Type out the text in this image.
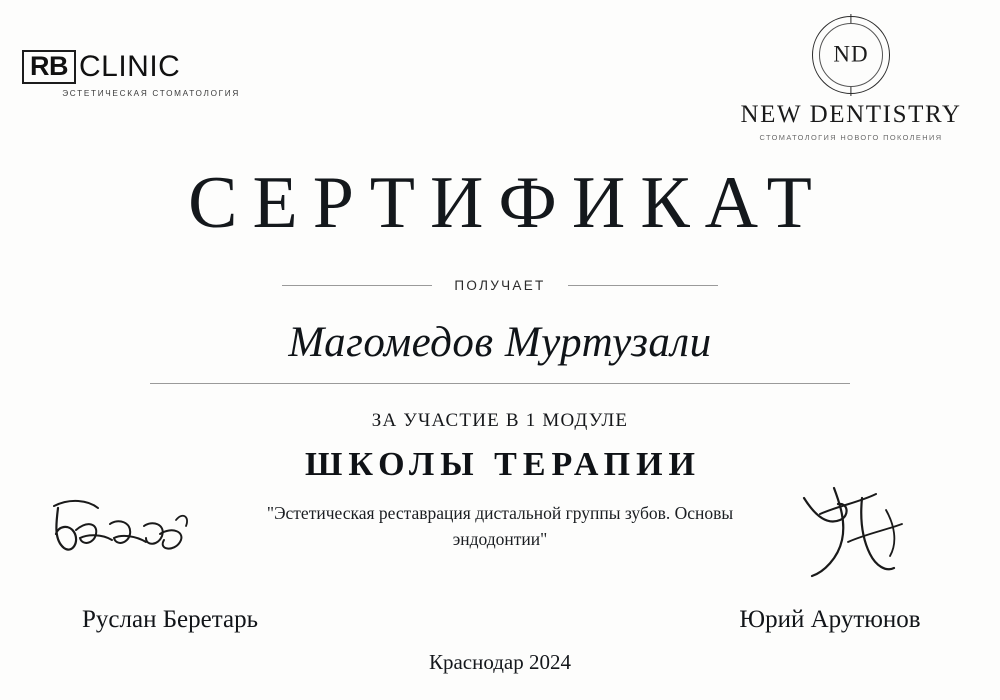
RB CLINIC
ЭСТЕТИЧЕСКАЯ СТОМАТОЛОГИЯ
ND
NEW DENTISTRY
СТОМАТОЛОГИЯ НОВОГО ПОКОЛЕНИЯ
СЕРТИФИКАТ
ПОЛУЧАЕТ
Магомедов Муртузали
ЗА УЧАСТИЕ В 1 МОДУЛЕ
ШКОЛЫ ТЕРАПИИ
"Эстетическая реставрация дистальной группы зубов. Основы эндодонтии"
Руслан Беретарь	Юрий Арутюнов
Краснодар 2024
